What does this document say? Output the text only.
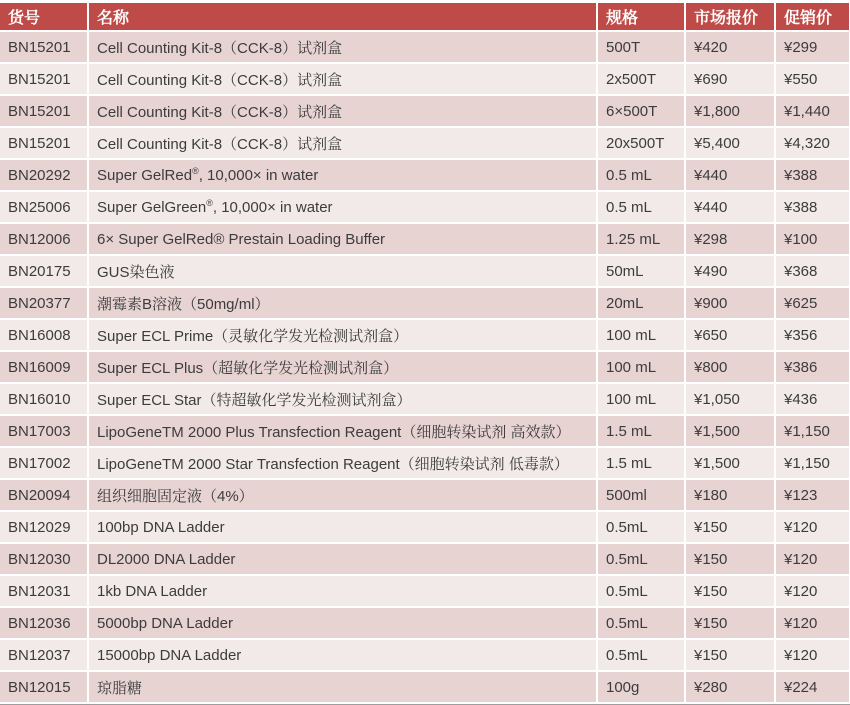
货号	名称	规格	市场报价	促销价
BN15201	Cell Counting Kit-8（CCK-8）试剂盒	500T	¥420	¥299
BN15201	Cell Counting Kit-8（CCK-8）试剂盒	2x500T	¥690	¥550
BN15201	Cell Counting Kit-8（CCK-8）试剂盒	6×500T	¥1,800	¥1,440
BN15201	Cell Counting Kit-8（CCK-8）试剂盒	20x500T	¥5,400	¥4,320
BN20292	Super GelRed®, 10,000× in water	0.5 mL	¥440	¥388
BN25006	Super GelGreen®, 10,000× in water	0.5 mL	¥440	¥388
BN12006	6× Super GelRed® Prestain Loading Buffer	1.25 mL	¥298	¥100
BN20175	GUS染色液	50mL	¥490	¥368
BN20377	潮霉素B溶液（50mg/ml）	20mL	¥900	¥625
BN16008	Super ECL Prime（灵敏化学发光检测试剂盒）	100 mL	¥650	¥356
BN16009	Super ECL Plus（超敏化学发光检测试剂盒）	100 mL	¥800	¥386
BN16010	Super ECL Star（特超敏化学发光检测试剂盒）	100 mL	¥1,050	¥436
BN17003	LipoGeneTM 2000 Plus Transfection Reagent（细胞转染试剂 高效款）	1.5 mL	¥1,500	¥1,150
BN17002	LipoGeneTM 2000 Star Transfection Reagent（细胞转染试剂 低毒款）	1.5 mL	¥1,500	¥1,150
BN20094	组织细胞固定液（4%）	500ml	¥180	¥123
BN12029	100bp DNA Ladder	0.5mL	¥150	¥120
BN12030	DL2000 DNA Ladder	0.5mL	¥150	¥120
BN12031	1kb DNA Ladder	0.5mL	¥150	¥120
BN12036	5000bp DNA Ladder	0.5mL	¥150	¥120
BN12037	15000bp DNA Ladder	0.5mL	¥150	¥120
BN12015	琼脂糖	100g	¥280	¥224
